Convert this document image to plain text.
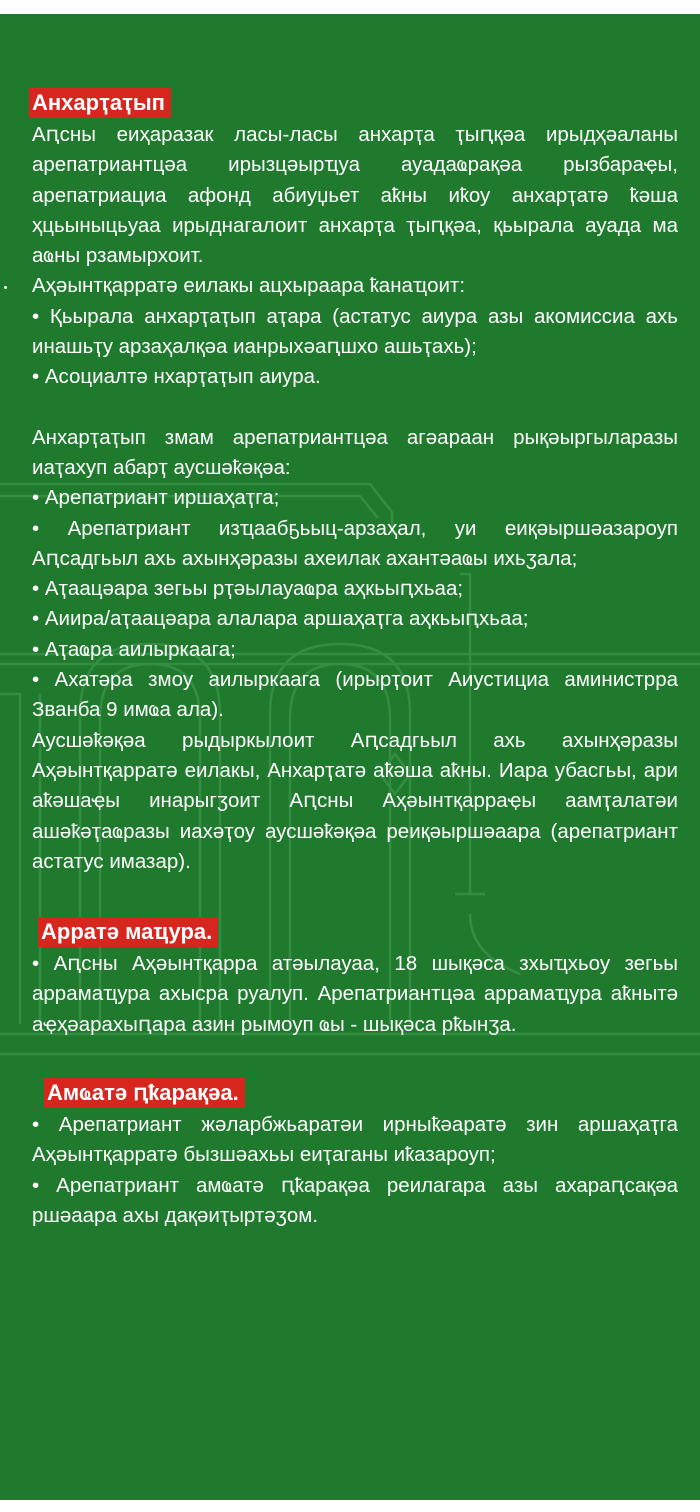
Анхарҭаҭып

Аԥсны еиҳаразак ласы-ласы анхарҭа ҭыԥқәа ирыдҳәаланы арепатриантцәа ирызцәырҵуа ауадаҩрақәа рызбараҿы, арепатриациа афонд абиуџьет аҟны иҟоу анхарҭатә ҟәша ҳцьыныцьуаа ирыднагалоит анхарҭа ҭыԥқәа, қьырала ауада ма аҩны рзамырхоит.

Аҳәынтқарратә еилакы ацхыраара ҟанаҵоит:

• Қьырала анхарҭаҭып аҭара (астатус аиура азы акомиссиа ахь инашьҭу арзаҳалқәа ианрыхәаԥшхо ашьҭахь);

• Асоциалтә нхарҭаҭып аиура.

Анхарҭаҭып змам арепатриантцәа агәараан рықәыргыларазы иаҭахуп абарҭ аусшәҟәқәа:

• Арепатриант иршаҳаҭга;

• Арепатриант изҵаабҕьыц-арзаҳал, уи еиқәыршәазароуп Аԥсадгьыл ахь ахынҳәразы ахеилак ахантәаҩы ихьӡала;

• Аҭаацәара зегьы рҭәылауаҩра аҳкьыԥхьаа;

• Аиира/аҭаацәара алалара аршаҳаҭга аҳкьыԥхьаа;

• Аҭаҩра аилыркаага;

• Ахатәра змоу аилыркаага (ирырҭоит Аиустициа аминистрра Званба 9 имҩа ала).

Аусшәҟәқәа рыдыркылоит Аԥсадгьыл ахь ахынҳәразы Аҳәынтқарратә еилакы, Анхарҭатә аҟәша аҟны. Иара убасгьы, ари аҟәшаҿы инарыгӡоит Аԥсны Аҳәынтқарраҿы аамҭалатәи ашәҟәҭаҩразы иахәҭоу аусшәҟәқәа реиқәыршәаара (арепатриант астатус имазар).

Арратә маҵура.

• Аԥсны Аҳәынтқарра атәылауаа, 18 шықәса зхыҵхьоу зегьы аррамаҵура ахысра руалуп. Арепатриантцәа аррамаҵура аҟнытә аҿҳәарахыԥара азин рымоуп ҩы - шықәса рҟынӡа.

Амҩатә ԥҟарақәа.

• Арепатриант жәларбжьаратәи ирныҟәаратә зин аршаҳаҭга Аҳәынтқарратә бызшәахьы еиҭаганы иҟазароуп;

• Арепатриант амҩатә ԥҟарақәа реилагара азы ахараԥсақәа ршәаара ахы дақәиҭыртәӡом.
